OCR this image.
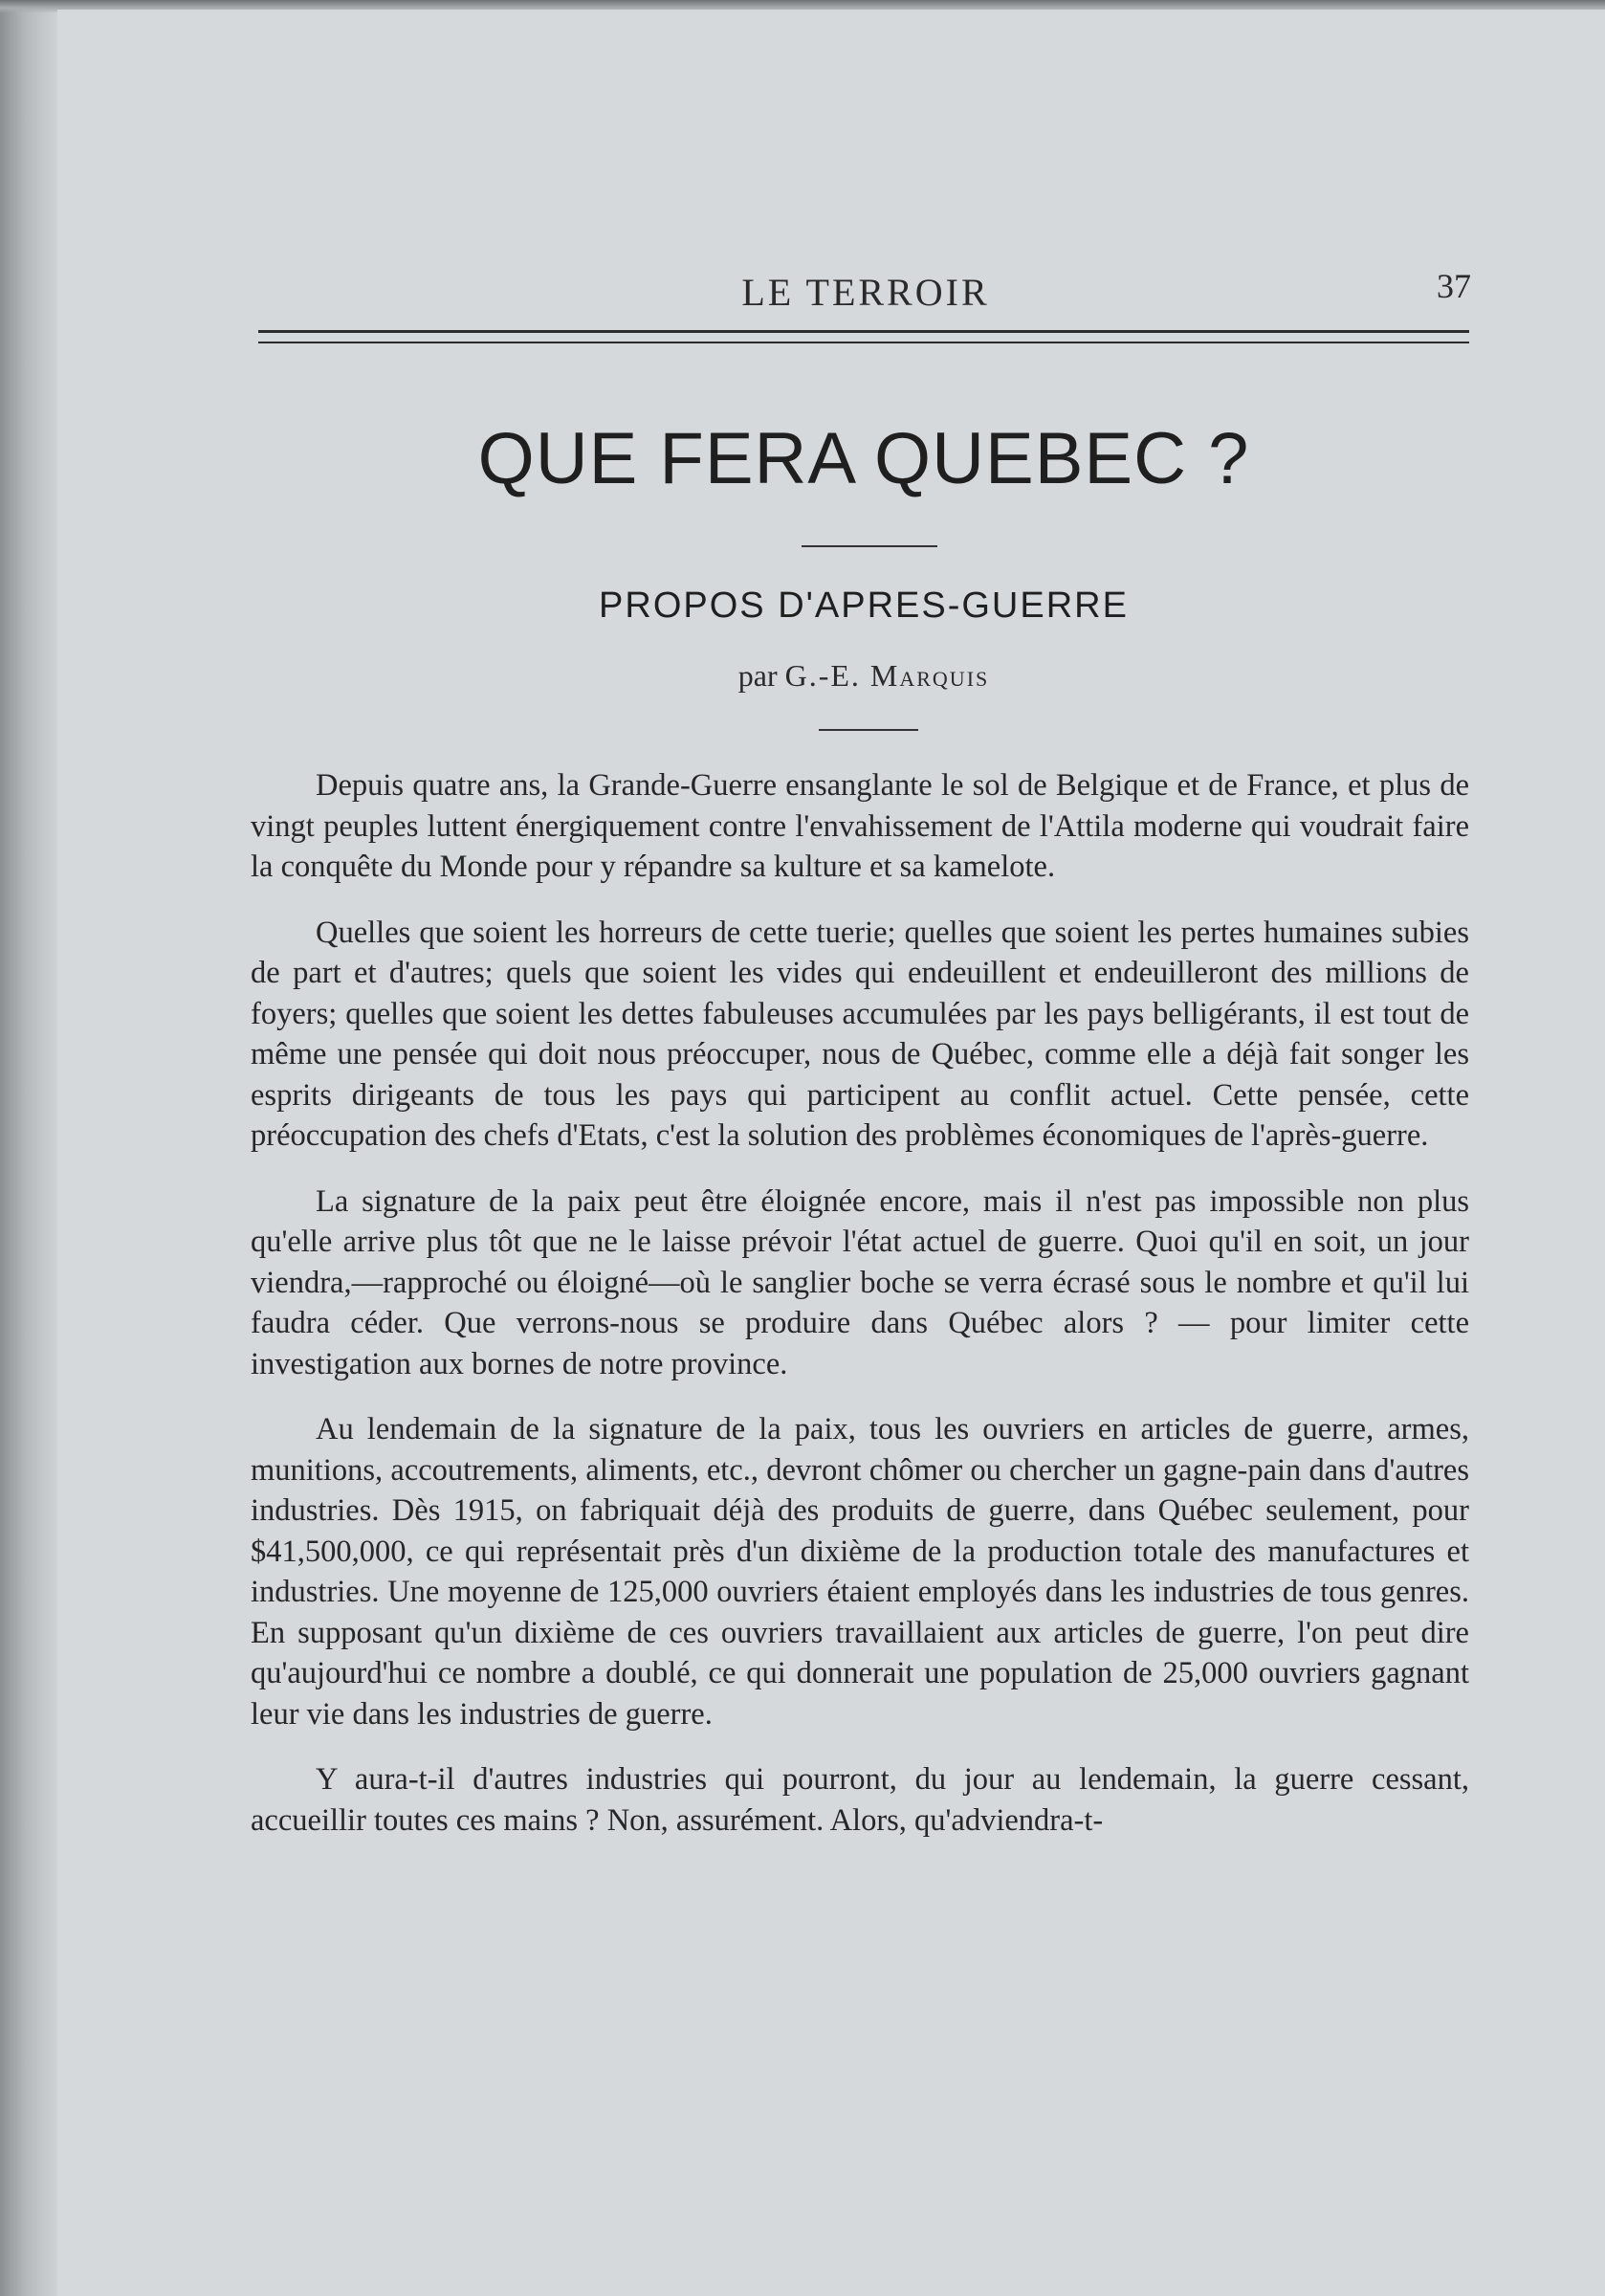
LE TERROIR	37
QUE FERA QUEBEC ?
PROPOS D'APRES-GUERRE
par G.-E. Marquis

Depuis quatre ans, la Grande-Guerre ensanglante le sol de Belgique et de France, et plus de vingt peuples luttent énergiquement contre l'envahissement de l'Attila moderne qui voudrait faire la conquête du Monde pour y répandre sa kulture et sa kamelote.

Quelles que soient les horreurs de cette tuerie; quelles que soient les pertes humaines subies de part et d'autres; quels que soient les vides qui endeuillent et endeuilleront des millions de foyers; quelles que soient les dettes fabuleuses accumulées par les pays belligérants, il est tout de même une pensée qui doit nous préoccuper, nous de Québec, comme elle a déjà fait songer les esprits dirigeants de tous les pays qui participent au conflit actuel. Cette pensée, cette préoccupation des chefs d'Etats, c'est la solution des problèmes économiques de l'après-guerre.

La signature de la paix peut être éloignée encore, mais il n'est pas impossible non plus qu'elle arrive plus tôt que ne le laisse prévoir l'état actuel de guerre. Quoi qu'il en soit, un jour viendra,—rapproché ou éloigné—où le sanglier boche se verra écrasé sous le nombre et qu'il lui faudra céder. Que verrons-nous se produire dans Québec alors ? — pour limiter cette investigation aux bornes de notre province.

Au lendemain de la signature de la paix, tous les ouvriers en articles de guerre, armes, munitions, accoutrements, aliments, etc., devront chômer ou chercher un gagne-pain dans d'autres industries. Dès 1915, on fabriquait déjà des produits de guerre, dans Québec seulement, pour $41,500,000, ce qui représentait près d'un dixième de la production totale des manufactures et industries. Une moyenne de 125,000 ouvriers étaient employés dans les industries de tous genres. En supposant qu'un dixième de ces ouvriers travaillaient aux articles de guerre, l'on peut dire qu'aujourd'hui ce nombre a doublé, ce qui donnerait une population de 25,000 ouvriers gagnant leur vie dans les industries de guerre.

Y aura-t-il d'autres industries qui pourront, du jour au lendemain, la guerre cessant, accueillir toutes ces mains ? Non, assurément. Alors, qu'adviendra-t-
